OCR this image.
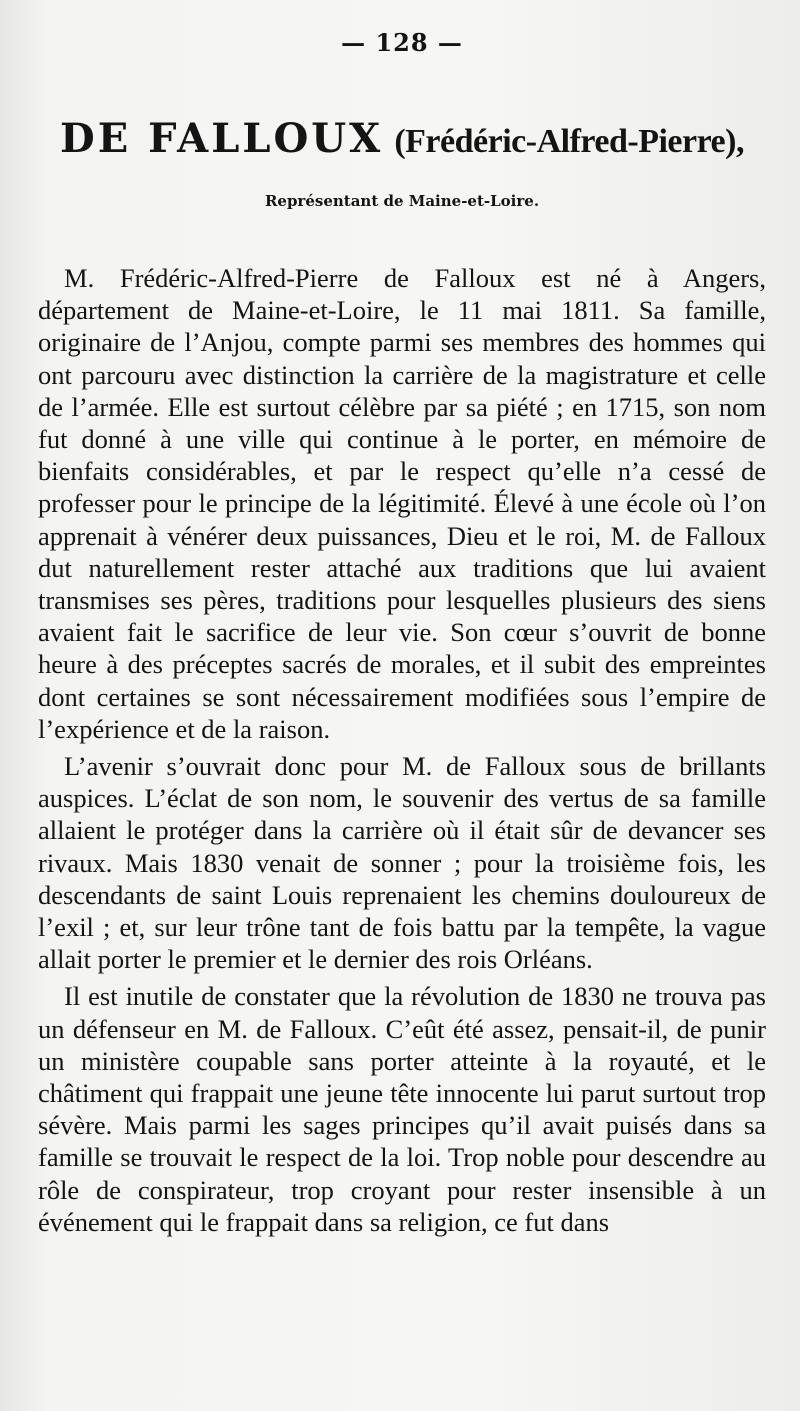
— 128 —
DE FALLOUX (Frédéric-Alfred-Pierre),
Représentant de Maine-et-Loire.

M. Frédéric-Alfred-Pierre de Falloux est né à Angers, département de Maine-et-Loire, le 11 mai 1811. Sa famille, originaire de l’Anjou, compte parmi ses membres des hommes qui ont parcouru avec distinction la carrière de la magistrature et celle de l’armée. Elle est surtout célèbre par sa piété ; en 1715, son nom fut donné à une ville qui continue à le porter, en mémoire de bienfaits considérables, et par le respect qu’elle n’a cessé de professer pour le principe de la légitimité. Élevé à une école où l’on apprenait à vénérer deux puissances, Dieu et le roi, M. de Falloux dut naturellement rester attaché aux traditions que lui avaient transmises ses pères, traditions pour lesquelles plusieurs des siens avaient fait le sacrifice de leur vie. Son cœur s’ouvrit de bonne heure à des préceptes sacrés de morales, et il subit des empreintes dont certaines se sont nécessairement modifiées sous l’empire de l’expérience et de la raison.

L’avenir s’ouvrait donc pour M. de Falloux sous de brillants auspices. L’éclat de son nom, le souvenir des vertus de sa famille allaient le protéger dans la carrière où il était sûr de devancer ses rivaux. Mais 1830 venait de sonner ; pour la troisième fois, les descendants de saint Louis reprenaient les chemins douloureux de l’exil ; et, sur leur trône tant de fois battu par la tempête, la vague allait porter le premier et le dernier des rois Orléans.

Il est inutile de constater que la révolution de 1830 ne trouva pas un défenseur en M. de Falloux. C’eût été assez, pensait-il, de punir un ministère coupable sans porter atteinte à la royauté, et le châtiment qui frappait une jeune tête innocente lui parut surtout trop sévère. Mais parmi les sages principes qu’il avait puisés dans sa famille se trouvait le respect de la loi. Trop noble pour descendre au rôle de conspirateur, trop croyant pour rester insensible à un événement qui le frappait dans sa religion, ce fut dans
